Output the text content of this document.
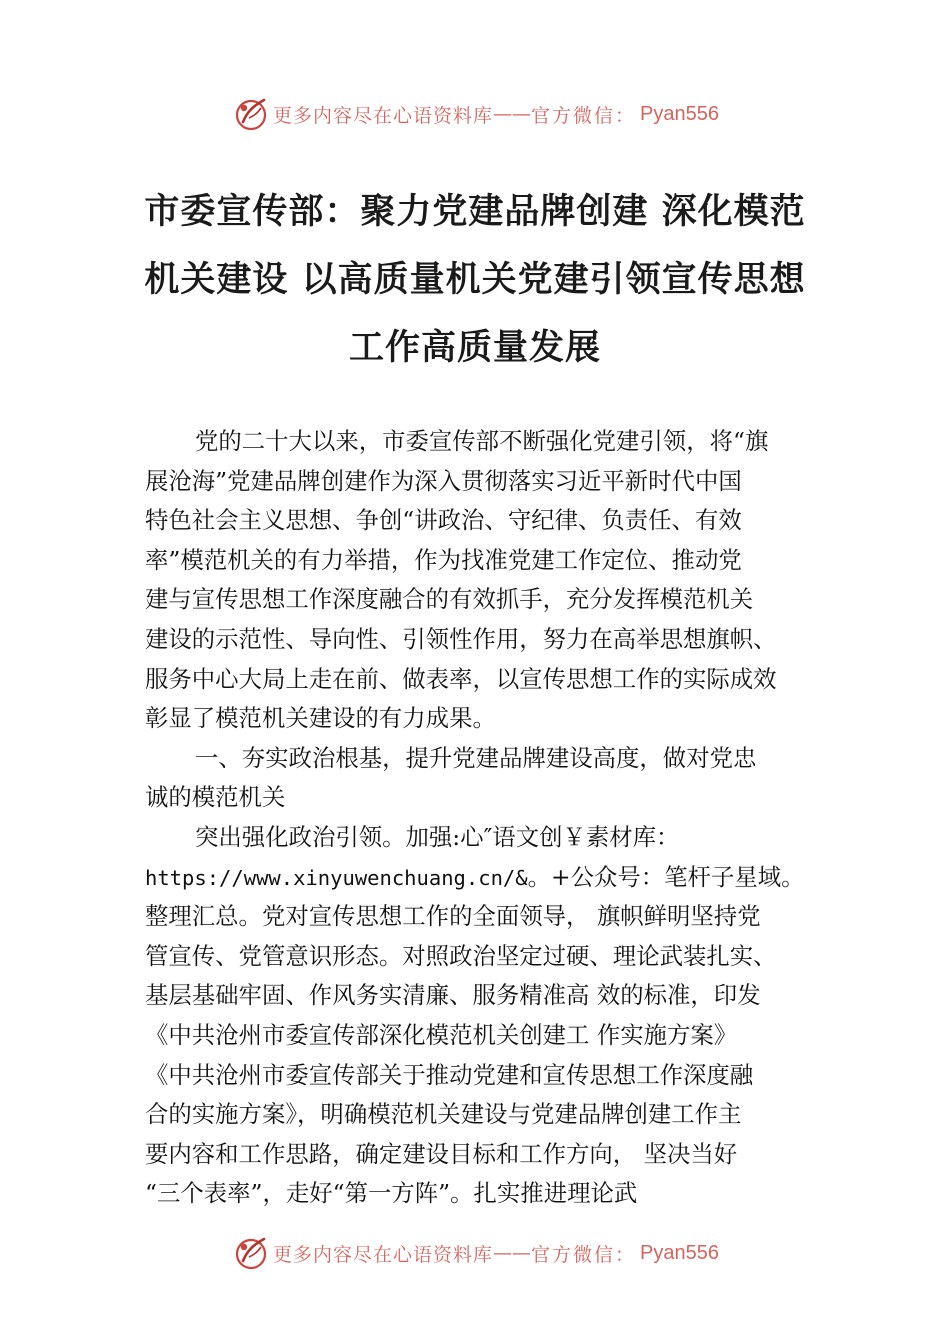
更多内容尽在心语资料库 —— 官方微信： Pyan556
市委宣传部：聚力党建品牌创建 深化模范
机关建设 以高质量机关党建引领宣传思想
工作高质量发展
党的二十大以来，市委宣传部不断强化党建引领，将“旗
展沧海”党建品牌创建作为深入贯彻落实习近平新时代中国
特色社会主义思想、争创“讲政治、守纪律、负责任、有效
率”模范机关的有力举措，作为找准党建工作定位、推动党
建与宣传思想工作深度融合的有效抓手，充分发挥模范机关
建设的示范性、导向性、引领性作用，努力在高举思想旗帜、
服务中心大局上走在前、做表率，以宣传思想工作的实际成效
彰显了模范机关建设的有力成果。
一、夯实政治根基，提升党建品牌建设高度，做对党忠
诚的模范机关
突出强化政治引领。加强:心″语文创￥素材库：
https://www.xinyuwenchuang.cn/&。+公众号：笔杆子星域。
整理汇总。党对宣传思想工作的全面领导， 旗帜鲜明坚持党
管宣传、党管意识形态。对照政治坚定过硬、理论武装扎实、
基层基础牢固、作风务实清廉、服务精准高 效的标准，印发
《中共沧州市委宣传部深化模范机关创建工 作实施方案》
《中共沧州市委宣传部关于推动党建和宣传思想工作深度融
合的实施方案》，明确模范机关建设与党建品牌创建工作主
要内容和工作思路，确定建设目标和工作方向， 坚决当好
“三个表率”，走好“第一方阵”。扎实推进理论武
更多内容尽在心语资料库 —— 官方微信： Pyan556
